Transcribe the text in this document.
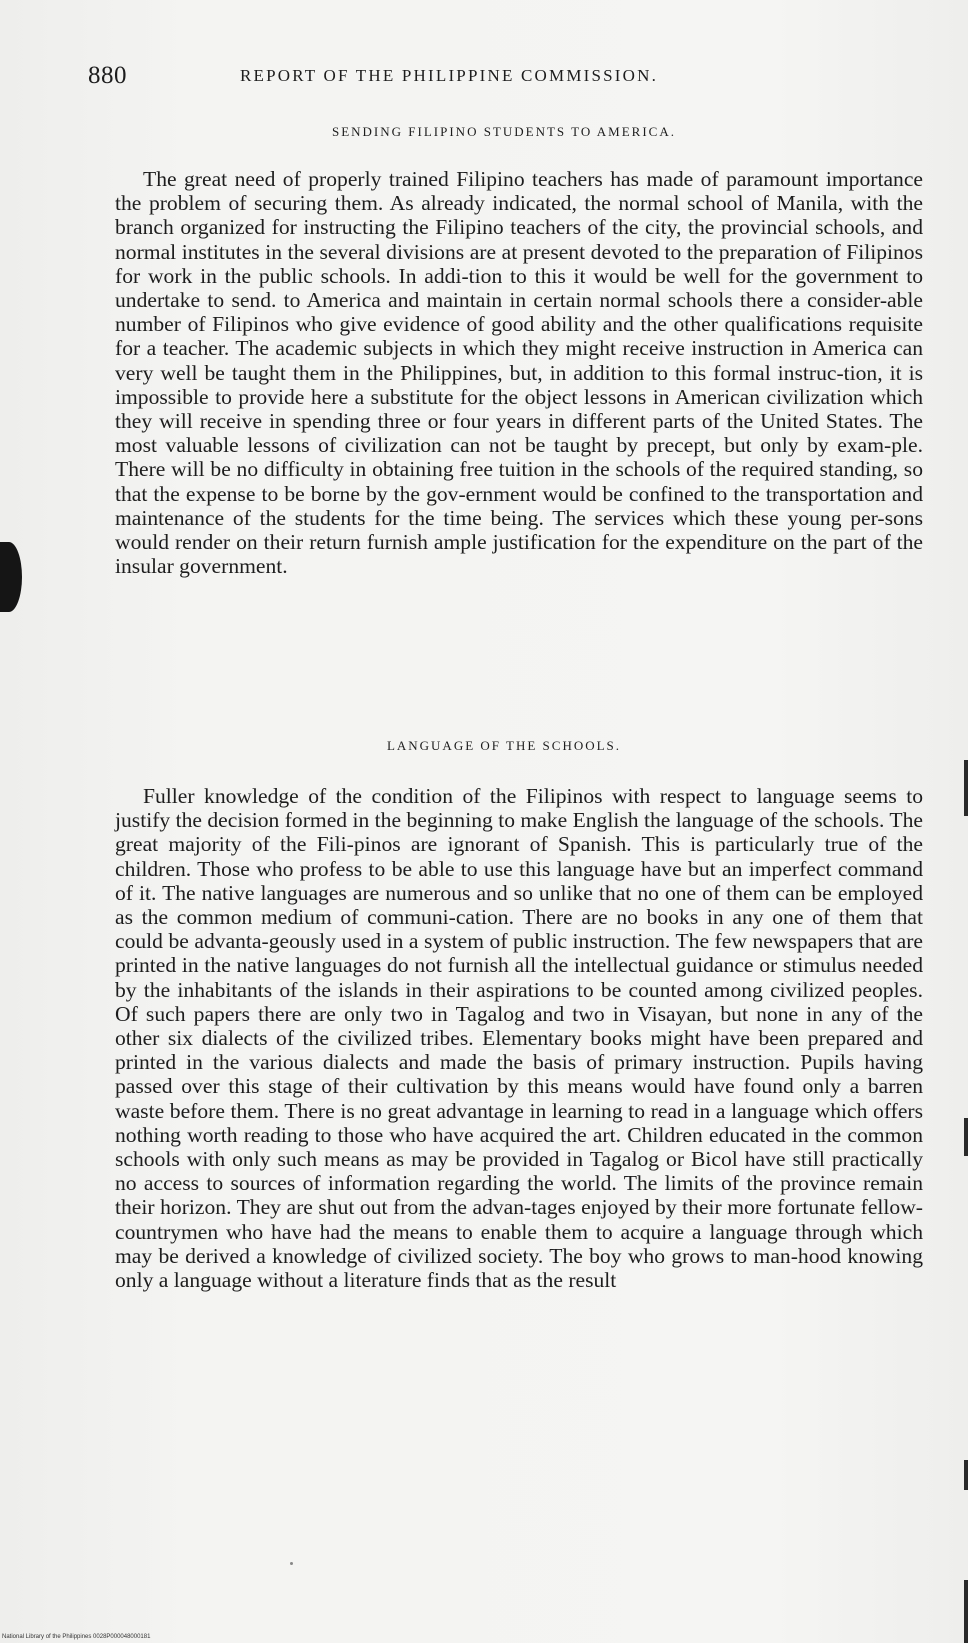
880	REPORT OF THE PHILIPPINE COMMISSION.
SENDING FILIPINO STUDENTS TO AMERICA.

The great need of properly trained Filipino teachers has made of paramount importance the problem of securing them. As already indicated, the normal school of Manila, with the branch organized for instructing the Filipino teachers of the city, the provincial schools, and normal institutes in the several divisions are at present devoted to the preparation of Filipinos for work in the public schools. In addi-tion to this it would be well for the government to undertake to send. to America and maintain in certain normal schools there a consider-able number of Filipinos who give evidence of good ability and the other qualifications requisite for a teacher. The academic subjects in which they might receive instruction in America can very well be taught them in the Philippines, but, in addition to this formal instruc-tion, it is impossible to provide here a substitute for the object lessons in American civilization which they will receive in spending three or four years in different parts of the United States. The most valuable lessons of civilization can not be taught by precept, but only by exam-ple. There will be no difficulty in obtaining free tuition in the schools of the required standing, so that the expense to be borne by the gov-ernment would be confined to the transportation and maintenance of the students for the time being. The services which these young per-sons would render on their return furnish ample justification for the expenditure on the part of the insular government.

LANGUAGE OF THE SCHOOLS.

Fuller knowledge of the condition of the Filipinos with respect to language seems to justify the decision formed in the beginning to make English the language of the schools. The great majority of the Fili-pinos are ignorant of Spanish. This is particularly true of the children. Those who profess to be able to use this language have but an imperfect command of it. The native languages are numerous and so unlike that no one of them can be employed as the common medium of communi-cation. There are no books in any one of them that could be advanta-geously used in a system of public instruction. The few newspapers that are printed in the native languages do not furnish all the intellectual guidance or stimulus needed by the inhabitants of the islands in their aspirations to be counted among civilized peoples. Of such papers there are only two in Tagalog and two in Visayan, but none in any of the other six dialects of the civilized tribes. Elementary books might have been prepared and printed in the various dialects and made the basis of primary instruction. Pupils having passed over this stage of their cultivation by this means would have found only a barren waste before them. There is no great advantage in learning to read in a language which offers nothing worth reading to those who have acquired the art. Children educated in the common schools with only such means as may be provided in Tagalog or Bicol have still practically no access to sources of information regarding the world. The limits of the province remain their horizon. They are shut out from the advan-tages enjoyed by their more fortunate fellow-countrymen who have had the means to enable them to acquire a language through which may be derived a knowledge of civilized society. The boy who grows to man-hood knowing only a language without a literature finds that as the result

National Library of the Philippines 0028P000048000181
